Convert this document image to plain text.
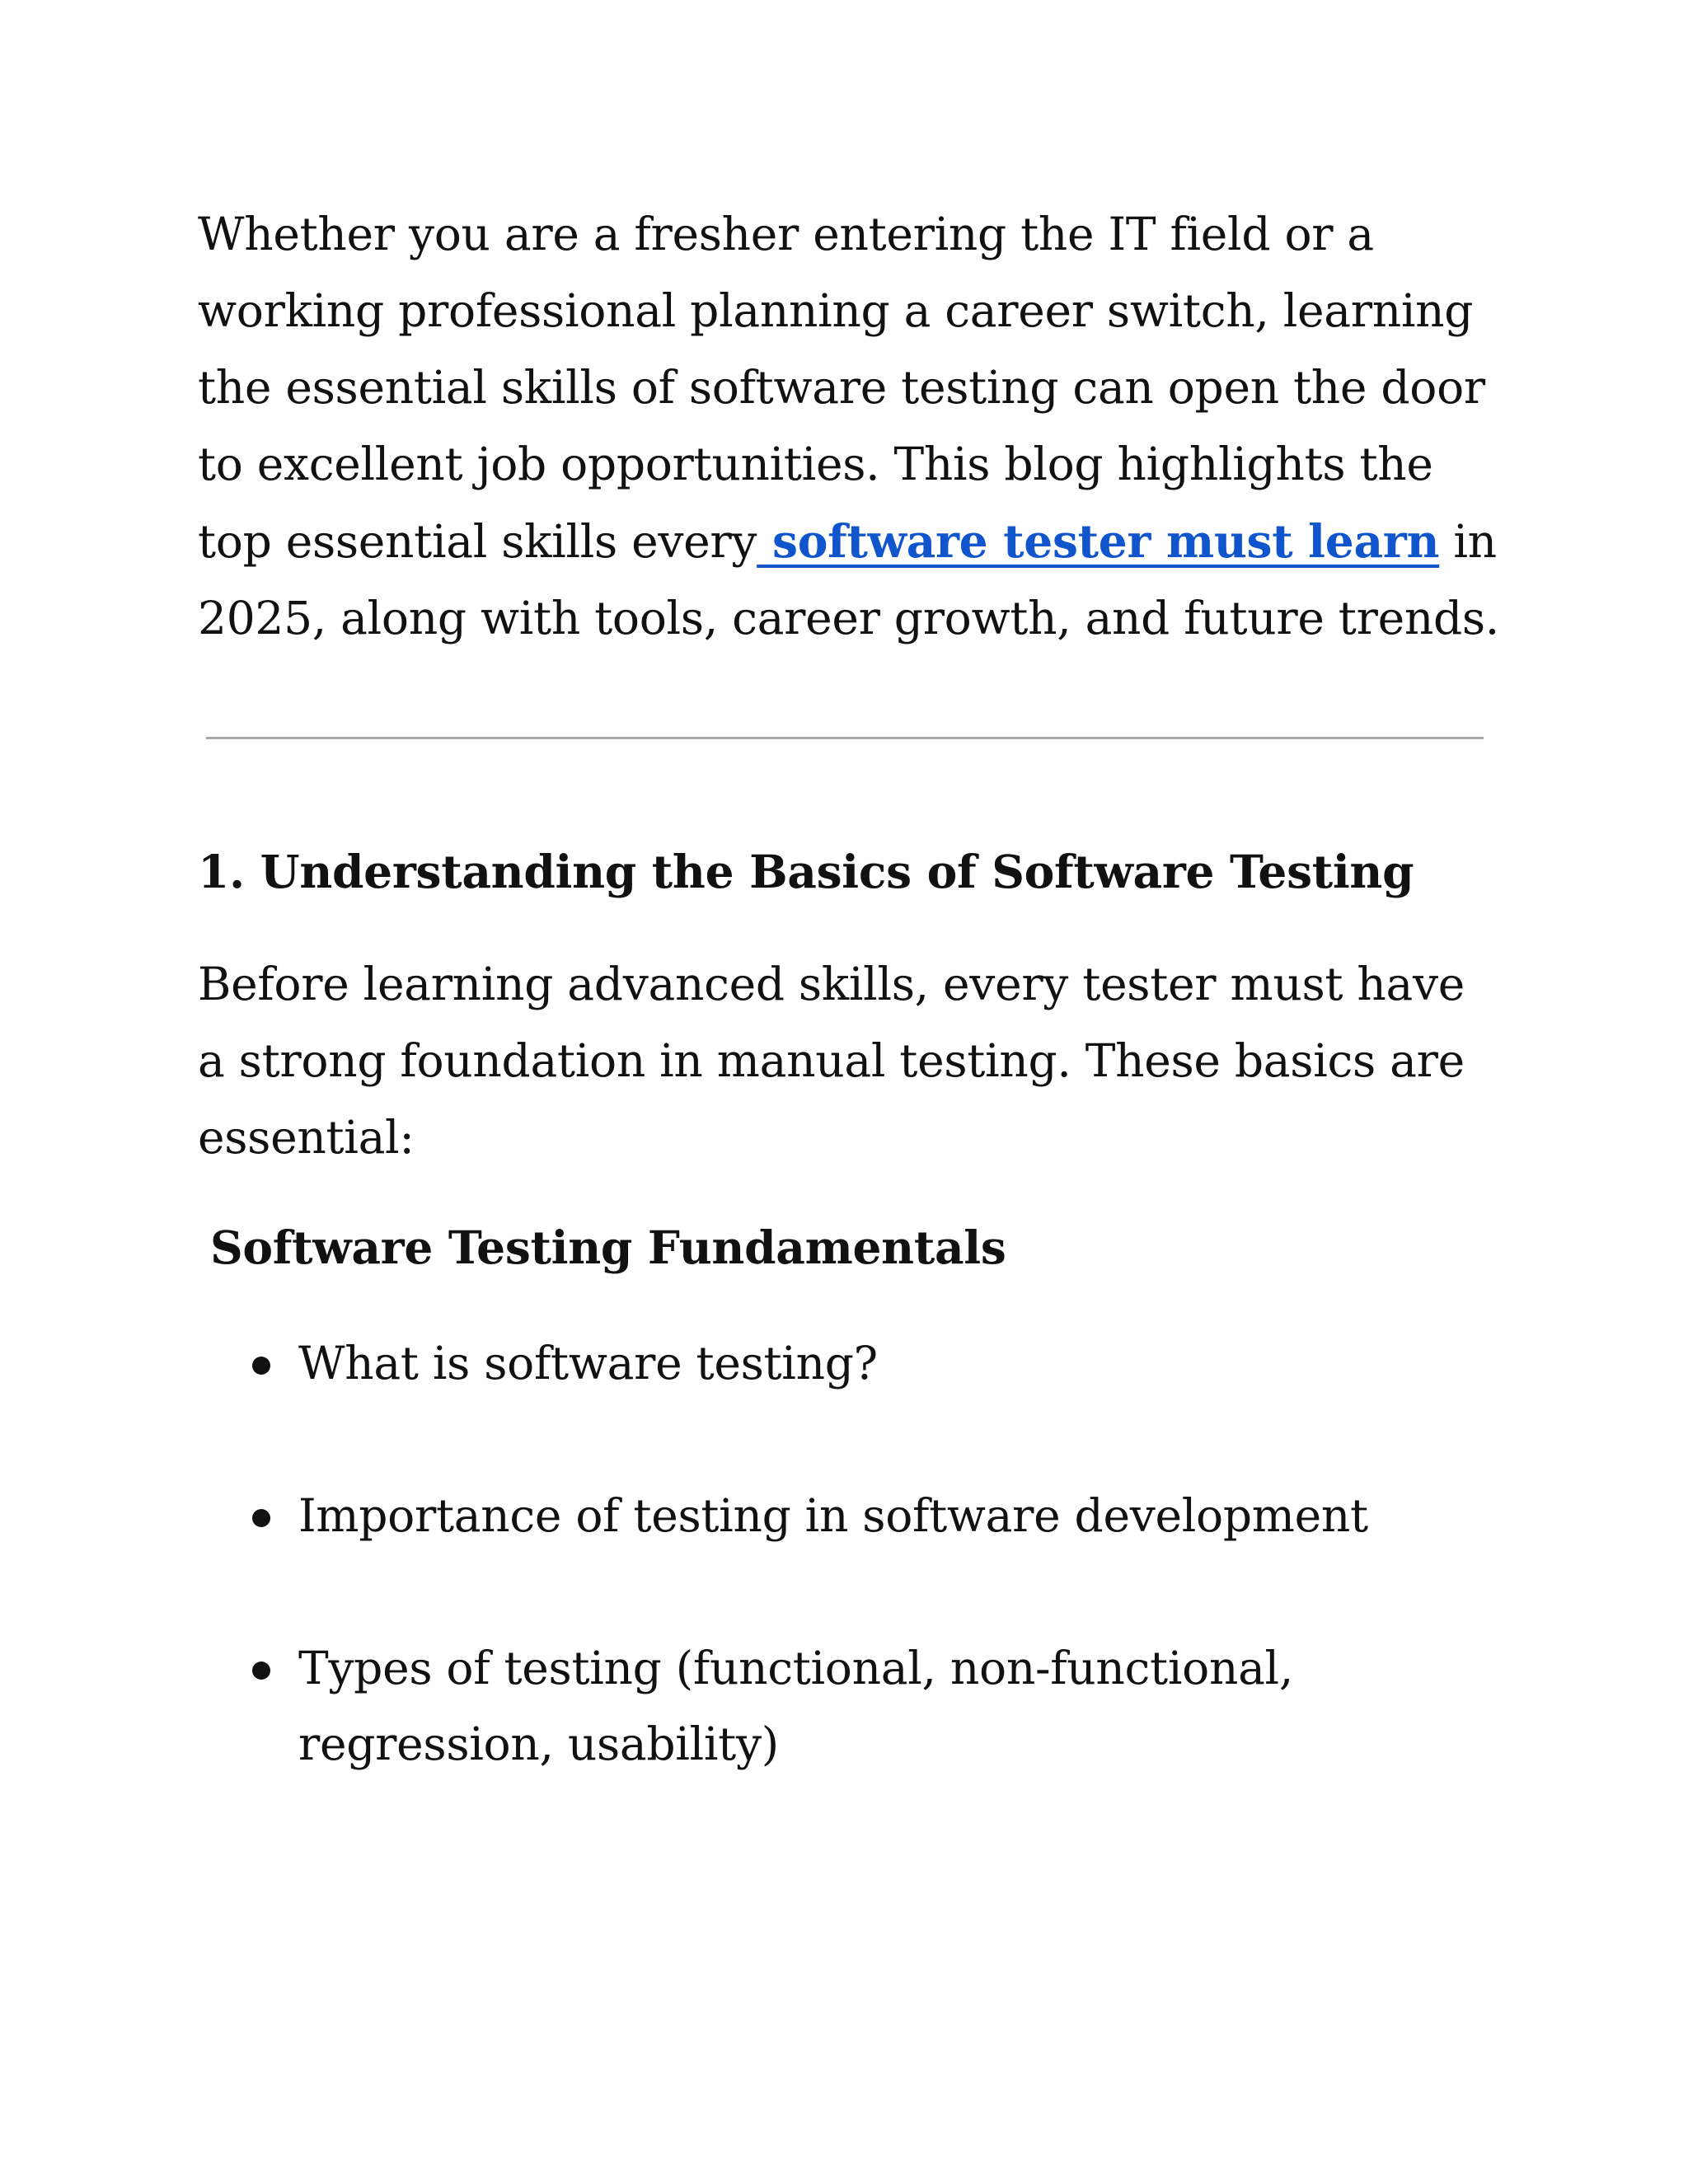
Whether you are a fresher entering the IT field or a working professional planning a career switch, learning the essential skills of software testing can open the door to excellent job opportunities. This blog highlights the top essential skills every software tester must learn in 2025, along with tools, career growth, and future trends.

1. Understanding the Basics of Software Testing

Before learning advanced skills, every tester must have a strong foundation in manual testing. These basics are essential:

Software Testing Fundamentals
What is software testing?
Importance of testing in software development
Types of testing (functional, non-functional, regression, usability)
